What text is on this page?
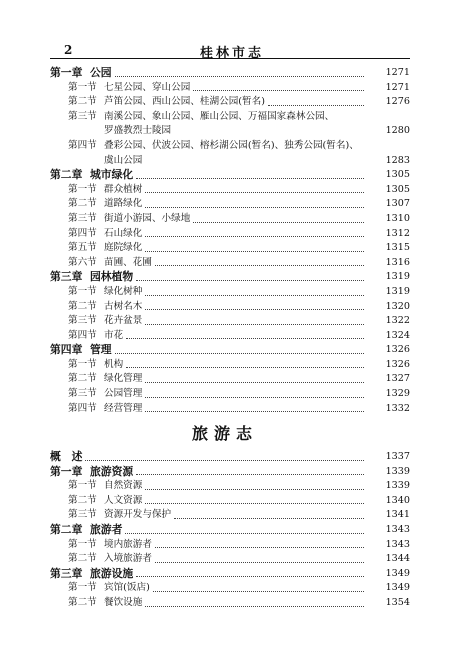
2	桂林市志
第一章 公园	1271
第一节 七星公园、穿山公园	1271
第二节 芦笛公园、西山公园、桂湖公园(暂名)	1276
第三节 南溪公园、象山公园、雁山公园、万福国家森林公园、
罗盛教烈士陵园	1280
第四节 叠彩公园、伏波公园、榕杉湖公园(暂名)、独秀公园(暂名)、
虞山公园	1283
第二章 城市绿化	1305
第一节 群众植树	1305
第二节 道路绿化	1307
第三节 街道小游园、小绿地	1310
第四节 石山绿化	1312
第五节 庭院绿化	1315
第六节 苗圃、花圃	1316
第三章 园林植物	1319
第一节 绿化树种	1319
第二节 古树名木	1320
第三节 花卉盆景	1322
第四节 市花	1324
第四章 管理	1326
第一节 机构	1326
第二节 绿化管理	1327
第三节 公园管理	1329
第四节 经营管理	1332
旅游志
概　述	1337
第一章 旅游资源	1339
第一节 自然资源	1339
第二节 人文资源	1340
第三节 资源开发与保护	1341
第二章 旅游者	1343
第一节 境内旅游者	1343
第二节 入境旅游者	1344
第三章 旅游设施	1349
第一节 宾馆(饭店)	1349
第二节 餐饮设施	1354
